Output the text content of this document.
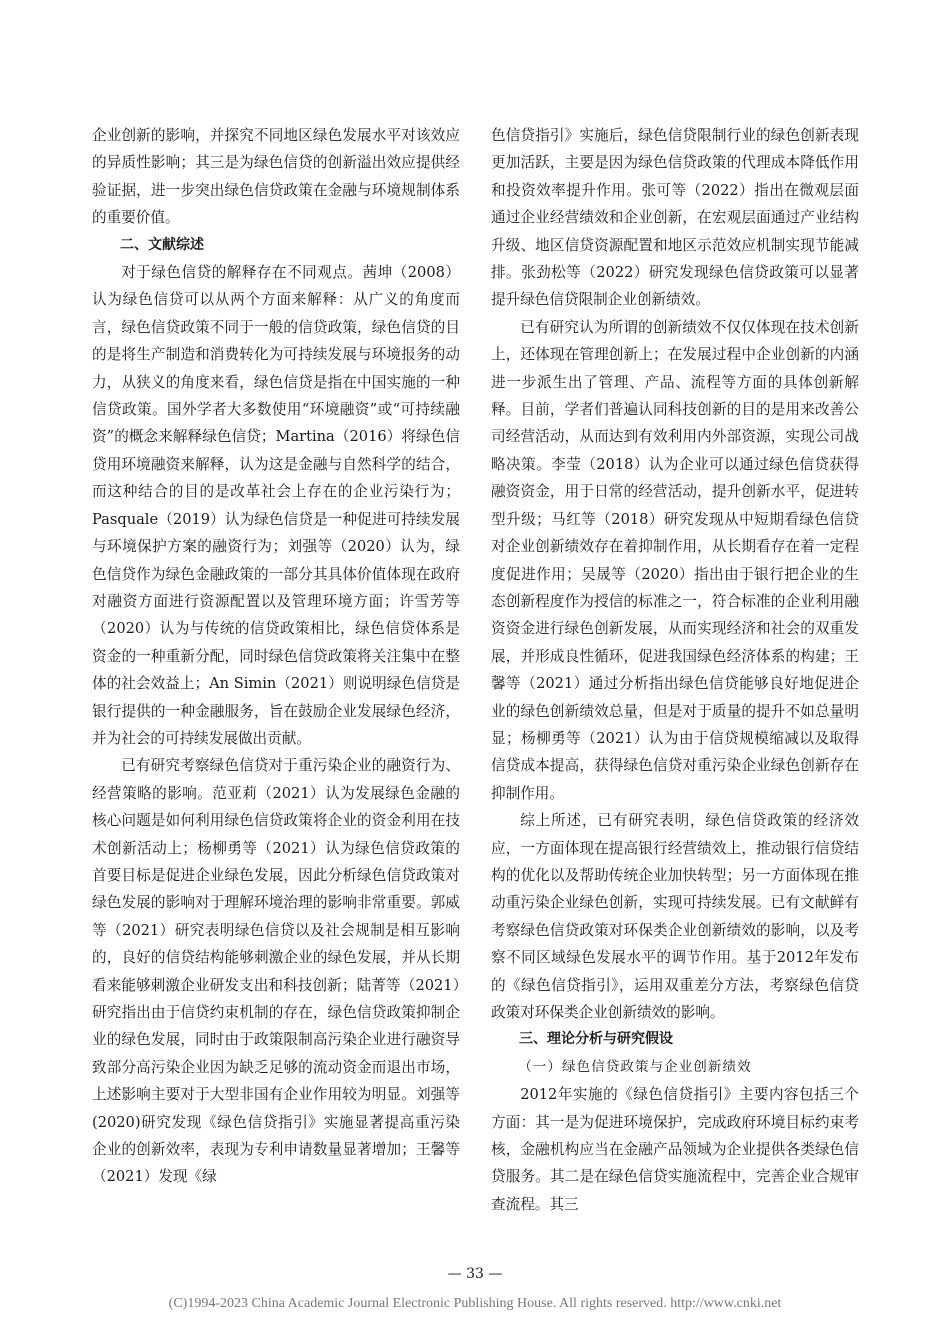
企业创新的影响，并探究不同地区绿色发展水平对该效应的异质性影响；其三是为绿色信贷的创新溢出效应提供经验证据，进一步突出绿色信贷政策在金融与环境规制体系的重要价值。

二、文献综述

对于绿色信贷的解释存在不同观点。茜坤（2008）认为绿色信贷可以从两个方面来解释：从广义的角度而言，绿色信贷政策不同于一般的信贷政策，绿色信贷的目的是将生产制造和消费转化为可持续发展与环境报务的动力，从狭义的角度来看，绿色信贷是指在中国实施的一种信贷政策。国外学者大多数使用“环境融资”或“可持续融资”的概念来解释绿色信贷；Martina（2016）将绿色信贷用环境融资来解释，认为这是金融与自然科学的结合，而这种结合的目的是改革社会上存在的企业污染行为；Pasquale（2019）认为绿色信贷是一种促进可持续发展与环境保护方案的融资行为；刘强等（2020）认为，绿色信贷作为绿色金融政策的一部分其具体价值体现在政府对融资方面进行资源配置以及管理环境方面；许雪芳等（2020）认为与传统的信贷政策相比，绿色信贷体系是资金的一种重新分配，同时绿色信贷政策将关注集中在整体的社会效益上；An Simin（2021）则说明绿色信贷是银行提供的一种金融服务，旨在鼓励企业发展绿色经济，并为社会的可持续发展做出贡献。

已有研究考察绿色信贷对于重污染企业的融资行为、经营策略的影响。范亚莉（2021）认为发展绿色金融的核心问题是如何利用绿色信贷政策将企业的资金利用在技术创新活动上；杨柳勇等（2021）认为绿色信贷政策的首要目标是促进企业绿色发展，因此分析绿色信贷政策对绿色发展的影响对于理解环境治理的影响非常重要。郭威等（2021）研究表明绿色信贷以及社会规制是相互影响的，良好的信贷结构能够刺激企业的绿色发展，并从长期看来能够刺激企业研发支出和科技创新；陆菁等（2021）研究指出由于信贷约束机制的存在，绿色信贷政策抑制企业的绿色发展，同时由于政策限制高污染企业进行融资导致部分高污染企业因为缺乏足够的流动资金而退出市场，上述影响主要对于大型非国有企业作用较为明显。刘强等(2020)研究发现《绿色信贷指引》实施显著提高重污染企业的创新效率，表现为专利申请数量显著增加；王馨等（2021）发现《绿

色信贷指引》实施后，绿色信贷限制行业的绿色创新表现更加活跃，主要是因为绿色信贷政策的代理成本降低作用和投资效率提升作用。张可等（2022）指出在微观层面通过企业经营绩效和企业创新，在宏观层面通过产业结构升级、地区信贷资源配置和地区示范效应机制实现节能减排。张劲松等（2022）研究发现绿色信贷政策可以显著提升绿色信贷限制企业创新绩效。

已有研究认为所谓的创新绩效不仅仅体现在技术创新上，还体现在管理创新上；在发展过程中企业创新的内涵进一步派生出了管理、产品、流程等方面的具体创新解释。目前，学者们普遍认同科技创新的目的是用来改善公司经营活动，从而达到有效利用内外部资源，实现公司战略决策。李莹（2018）认为企业可以通过绿色信贷获得融资资金，用于日常的经营活动，提升创新水平，促进转型升级；马红等（2018）研究发现从中短期看绿色信贷对企业创新绩效存在着抑制作用，从长期看存在着一定程度促进作用；吴晟等（2020）指出由于银行把企业的生态创新程度作为授信的标准之一，符合标准的企业利用融资资金进行绿色创新发展，从而实现经济和社会的双重发展，并形成良性循环，促进我国绿色经济体系的构建；王馨等（2021）通过分析指出绿色信贷能够良好地促进企业的绿色创新绩效总量，但是对于质量的提升不如总量明显；杨柳勇等（2021）认为由于信贷规模缩减以及取得信贷成本提高，获得绿色信贷对重污染企业绿色创新存在抑制作用。

综上所述，已有研究表明，绿色信贷政策的经济效应，一方面体现在提高银行经营绩效上，推动银行信贷结构的优化以及帮助传统企业加快转型；另一方面体现在推动重污染企业绿色创新，实现可持续发展。已有文献鲜有考察绿色信贷政策对环保类企业创新绩效的影响，以及考察不同区域绿色发展水平的调节作用。基于2012年发布的《绿色信贷指引》，运用双重差分方法，考察绿色信贷政策对环保类企业创新绩效的影响。

三、理论分析与研究假设

（一）绿色信贷政策与企业创新绩效

2012年实施的《绿色信贷指引》主要内容包括三个方面：其一是为促进环境保护，完成政府环境目标约束考核，金融机构应当在金融产品领域为企业提供各类绿色信贷服务。其二是在绿色信贷实施流程中，完善企业合规审查流程。其三

— 33 —
(C)1994-2023 China Academic Journal Electronic Publishing House. All rights reserved. http://www.cnki.net
